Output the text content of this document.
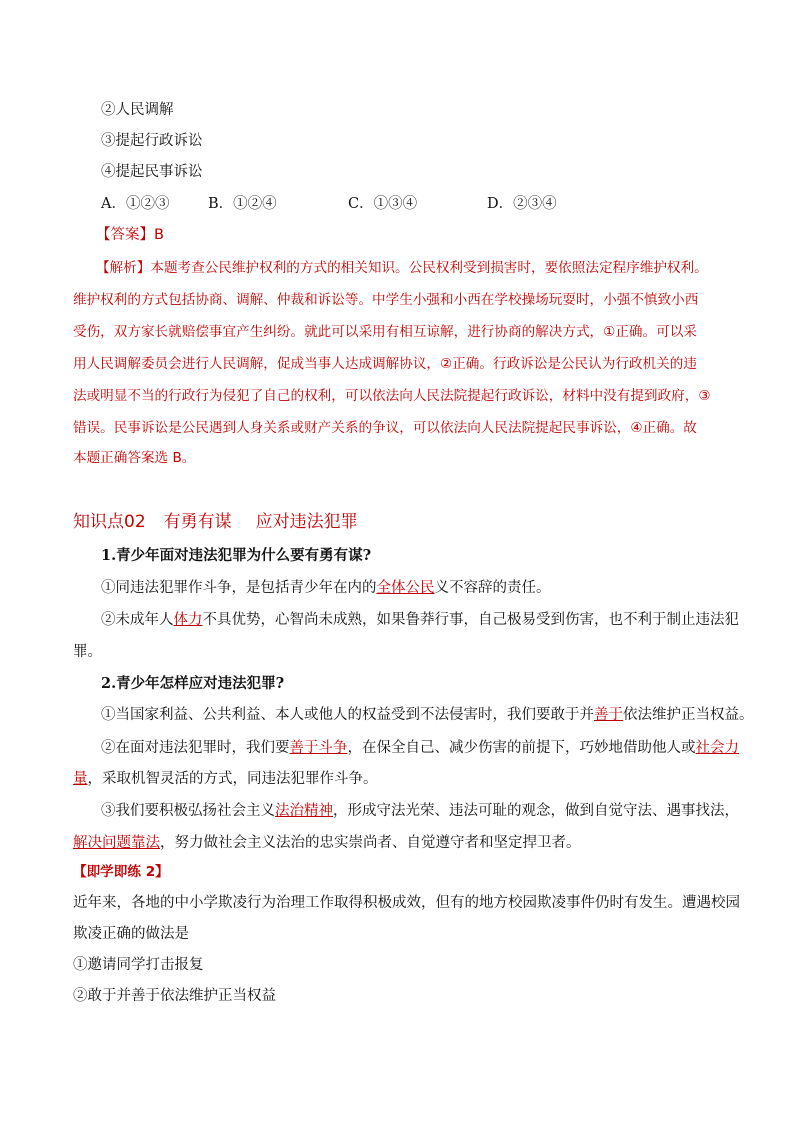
②人民调解
③提起行政诉讼
④提起民事诉讼
A．①②③	B．①②④	C．①③④	D．②③④
【答案】B
【解析】本题考查公民维护权利的方式的相关知识。公民权利受到损害时，要依照法定程序维护权利。
维护权利的方式包括协商、调解、仲裁和诉讼等。中学生小强和小西在学校操场玩耍时，小强不慎致小西
受伤，双方家长就赔偿事宜产生纠纷。就此可以采用有相互谅解，进行协商的解决方式，①正确。可以采
用人民调解委员会进行人民调解，促成当事人达成调解协议，②正确。行政诉讼是公民认为行政机关的违
法或明显不当的行政行为侵犯了自己的权利，可以依法向人民法院提起行政诉讼，材料中没有提到政府，③
错误。民事诉讼是公民遇到人身关系或财产关系的争议，可以依法向人民法院提起民事诉讼，④正确。故
本题正确答案选 B。
知识点02 有勇有谋 应对违法犯罪
1.青少年面对违法犯罪为什么要有勇有谋?
①同违法犯罪作斗争，是包括青少年在内的全体公民义不容辞的责任。
②未成年人体力不具优势，心智尚未成熟，如果鲁莽行事，自己极易受到伤害，也不利于制止违法犯
罪。
2.青少年怎样应对违法犯罪?
①当国家利益、公共利益、本人或他人的权益受到不法侵害时，我们要敢于并善于依法维护正当权益。
②在面对违法犯罪时，我们要善于斗争，在保全自己、减少伤害的前提下，巧妙地借助他人或社会力
量，采取机智灵活的方式，同违法犯罪作斗争。
③我们要积极弘扬社会主义法治精神，形成守法光荣、违法可耻的观念，做到自觉守法、遇事找法，
解决问题靠法，努力做社会主义法治的忠实崇尚者、自觉遵守者和坚定捍卫者。
【即学即练 2】
近年来，各地的中小学欺凌行为治理工作取得积极成效，但有的地方校园欺凌事件仍时有发生。遭遇校园
欺凌正确的做法是
①邀请同学打击报复
②敢于并善于依法维护正当权益
